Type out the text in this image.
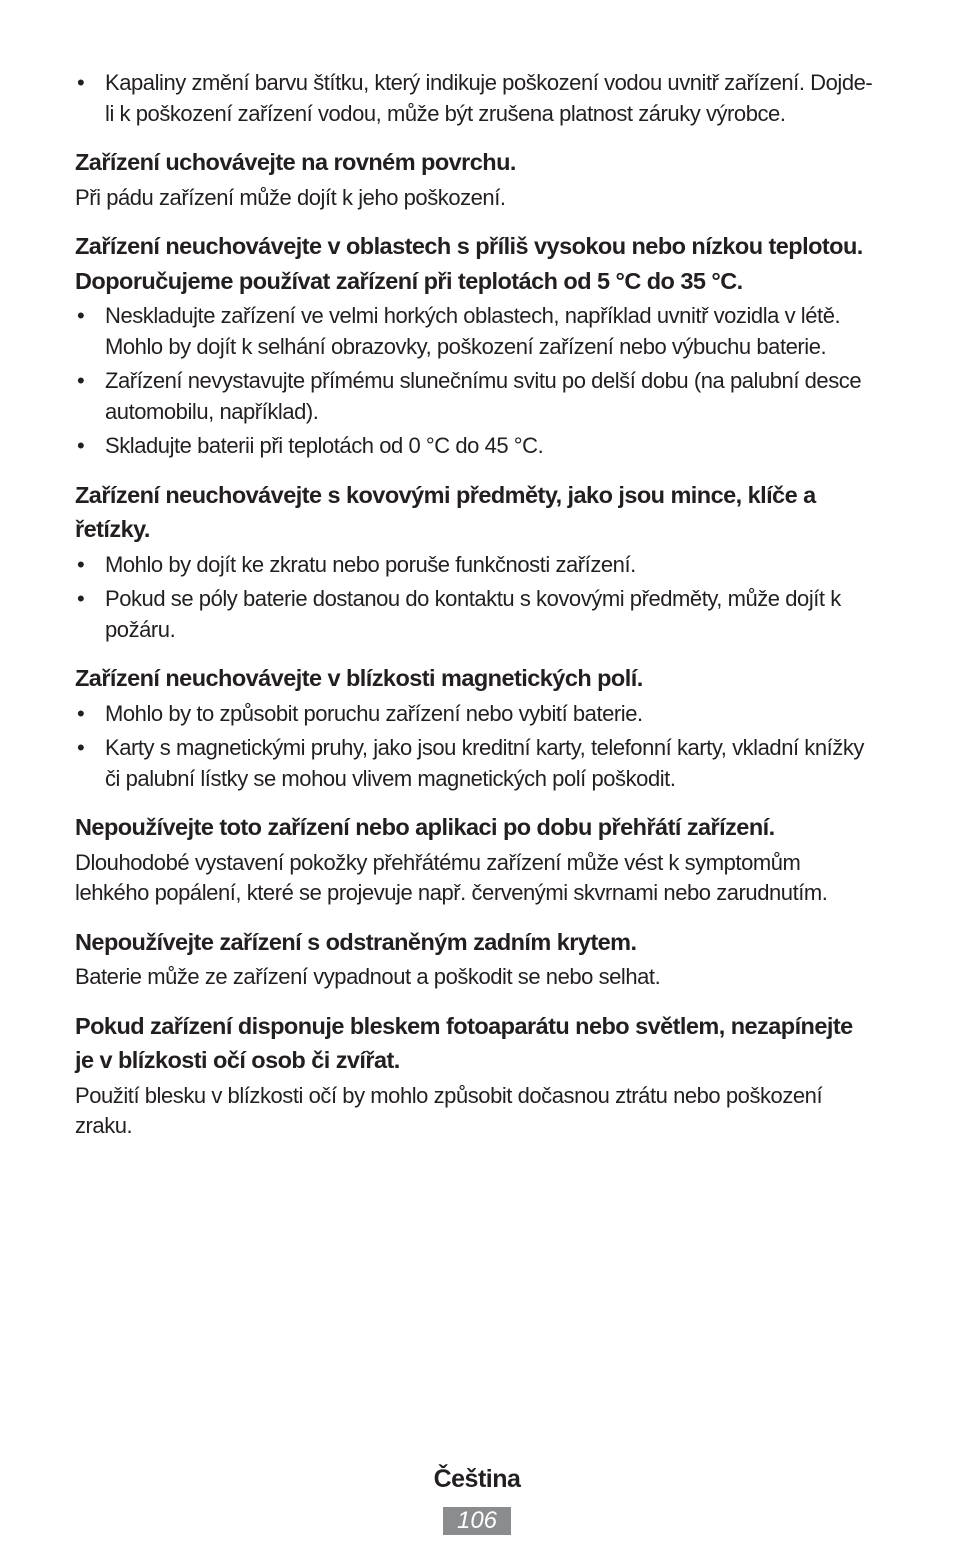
• Kapaliny změní barvu štítku, který indikuje poškození vodou uvnitř zařízení. Dojde-li k poškození zařízení vodou, může být zrušena platnost záruky výrobce.

Zařízení uchovávejte na rovném povrchu.

Při pádu zařízení může dojít k jeho poškození.

Zařízení neuchovávejte v oblastech s příliš vysokou nebo nízkou teplotou. Doporučujeme používat zařízení při teplotách od 5 °C do 35 °C.

• Neskladujte zařízení ve velmi horkých oblastech, například uvnitř vozidla v létě. Mohlo by dojít k selhání obrazovky, poškození zařízení nebo výbuchu baterie.
• Zařízení nevystavujte přímému slunečnímu svitu po delší dobu (na palubní desce automobilu, například).
• Skladujte baterii při teplotách od 0 °C do 45 °C.

Zařízení neuchovávejte s kovovými předměty, jako jsou mince, klíče a řetízky.

• Mohlo by dojít ke zkratu nebo poruše funkčnosti zařízení.
• Pokud se póly baterie dostanou do kontaktu s kovovými předměty, může dojít k požáru.

Zařízení neuchovávejte v blízkosti magnetických polí.

• Mohlo by to způsobit poruchu zařízení nebo vybití baterie.
• Karty s magnetickými pruhy, jako jsou kreditní karty, telefonní karty, vkladní knížky či palubní lístky se mohou vlivem magnetických polí poškodit.

Nepoužívejte toto zařízení nebo aplikaci po dobu přehřátí zařízení.

Dlouhodobé vystavení pokožky přehřátému zařízení může vést k symptomům lehkého popálení, které se projevuje např. červenými skvrnami nebo zarudnutím.

Nepoužívejte zařízení s odstraněným zadním krytem.

Baterie může ze zařízení vypadnout a poškodit se nebo selhat.

Pokud zařízení disponuje bleskem fotoaparátu nebo světlem, nezapínejte je v blízkosti očí osob či zvířat.

Použití blesku v blízkosti očí by mohlo způsobit dočasnou ztrátu nebo poškození zraku.

Čeština
106
